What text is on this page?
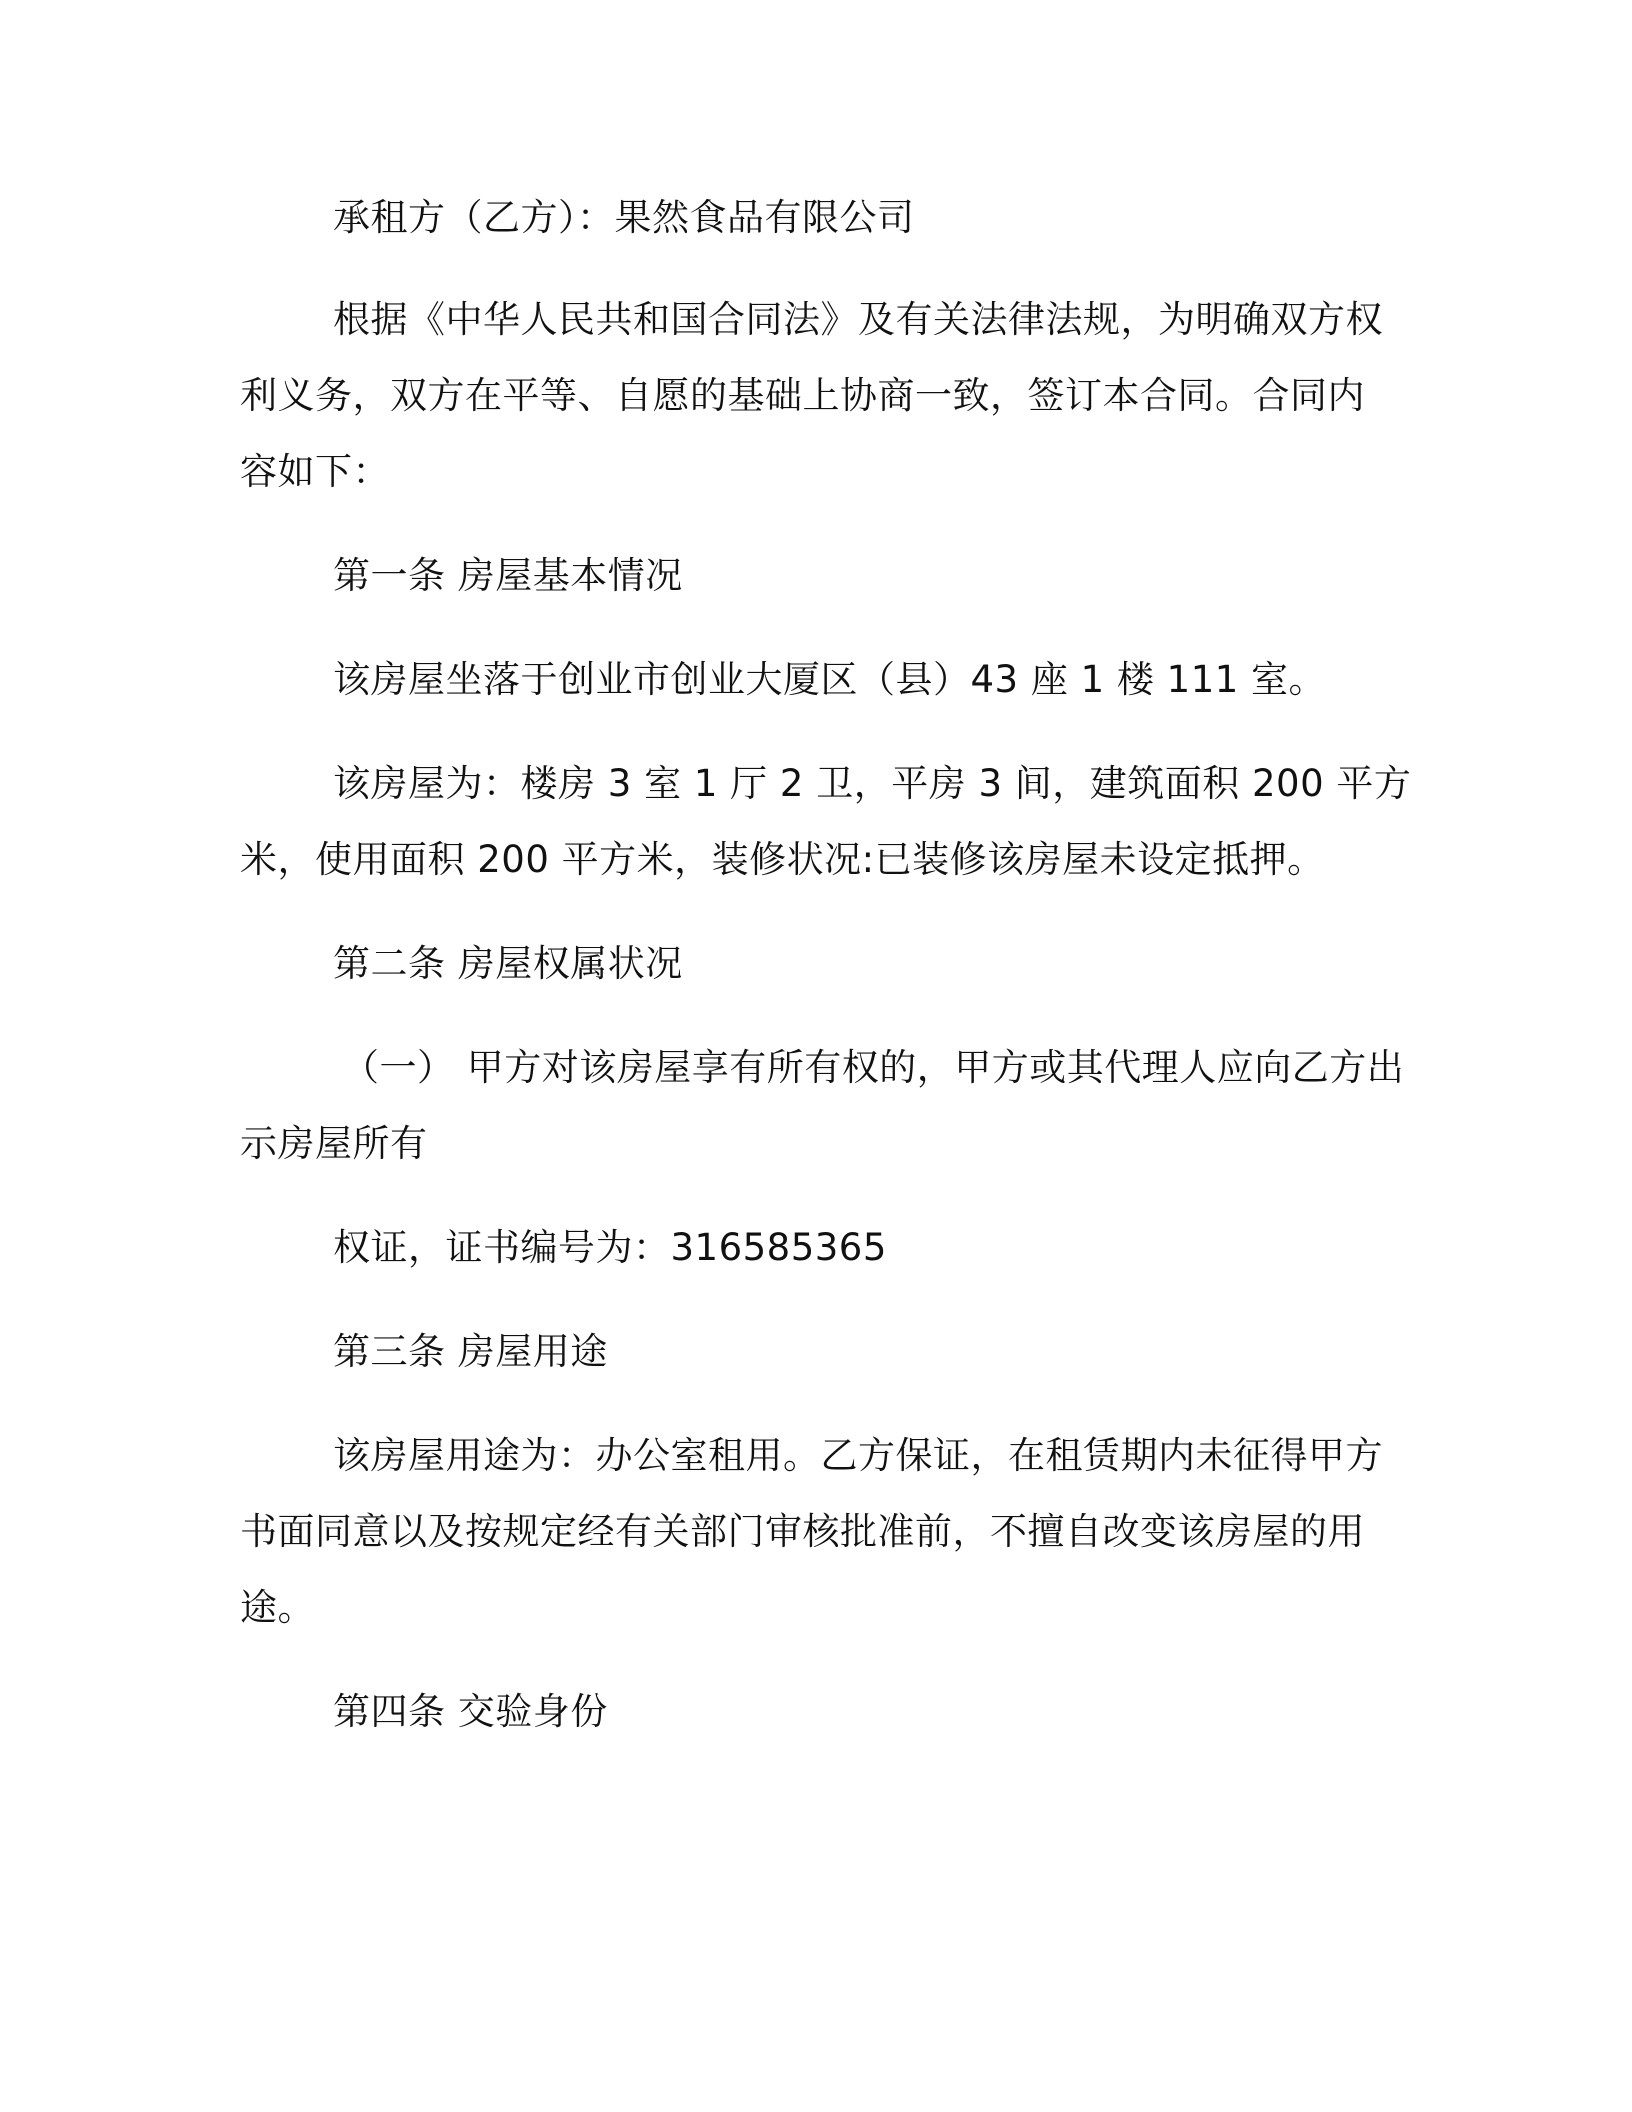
承租方（乙方）：果然食品有限公司
根据《中华人民共和国合同法》及有关法律法规，为明确双方权
利义务，双方在平等、自愿的基础上协商一致，签订本合同。合同内
容如下：
第一条 房屋基本情况
该房屋坐落于创业市创业大厦区（县）43 座 1 楼 111 室。
该房屋为：楼房 3 室 1 厅 2 卫，平房 3 间，建筑面积 200 平方
米，使用面积 200 平方米，装修状况:已装修该房屋未设定抵押。
第二条 房屋权属状况
（一） 甲方对该房屋享有所有权的，甲方或其代理人应向乙方出
示房屋所有
权证，证书编号为：316585365
第三条 房屋用途
该房屋用途为：办公室租用。乙方保证，在租赁期内未征得甲方
书面同意以及按规定经有关部门审核批准前，不擅自改变该房屋的用
途。
第四条 交验身份
